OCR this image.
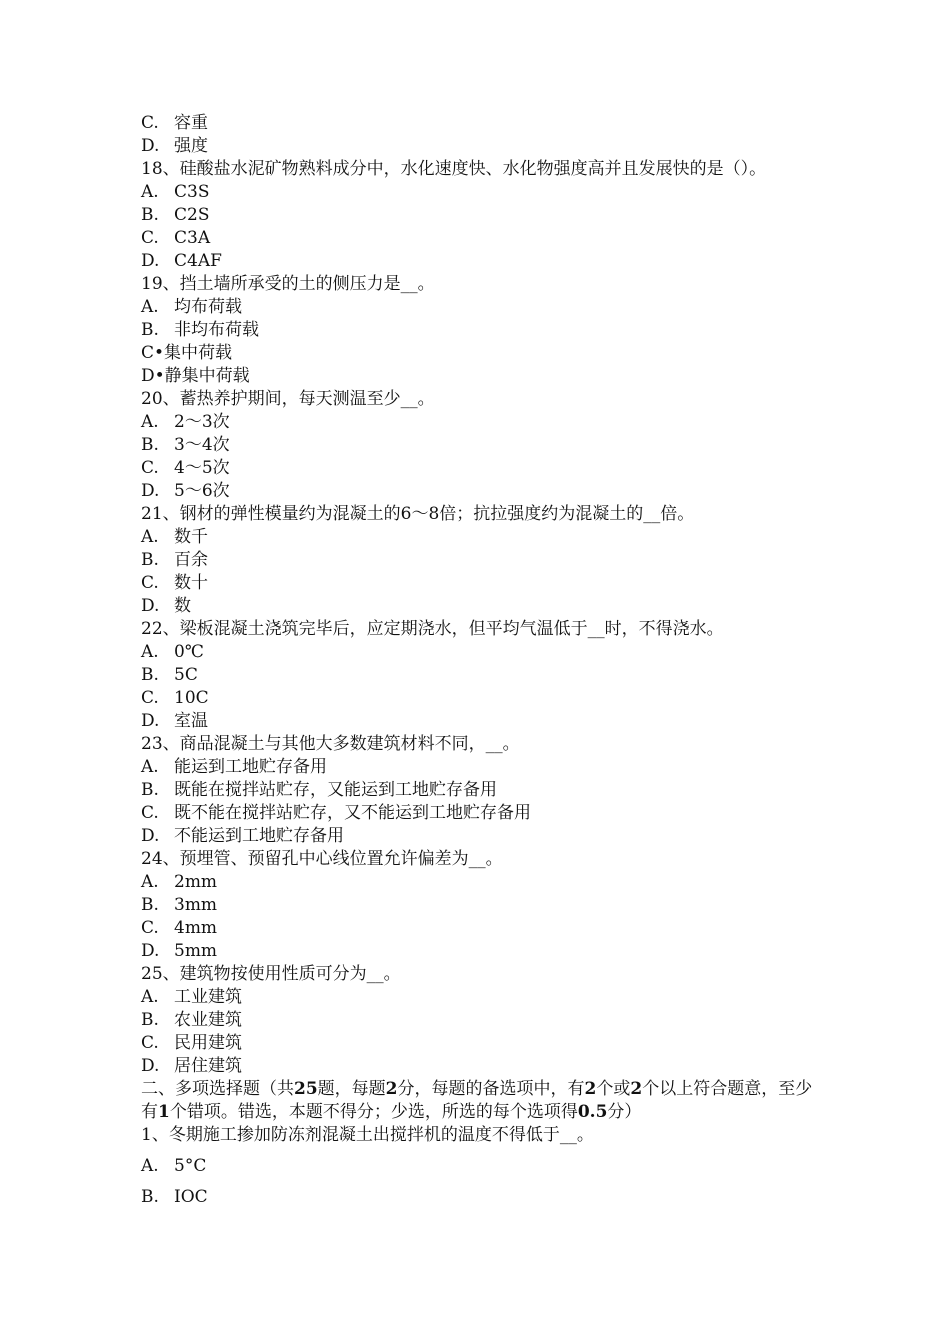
C. 容重
D. 强度
18、硅酸盐水泥矿物熟料成分中，水化速度快、水化物强度高并且发展快的是（）。
A. C3S
B. C2S
C. C3A
D. C4AF
19、挡土墙所承受的土的侧压力是__。
A. 均布荷载
B. 非均布荷载
C•集中荷载
D•静集中荷载
20、蓄热养护期间，每天测温至少__。
A. 2〜3次
B. 3〜4次
C. 4〜5次
D. 5〜6次
21、钢材的弹性模量约为混凝土的6〜8倍；抗拉强度约为混凝土的__倍。
A. 数千
B. 百余
C. 数十
D. 数
22、梁板混凝土浇筑完毕后，应定期浇水，但平均气温低于__时，不得浇水。
A. 0℃
B. 5C
C. 10C
D. 室温
23、商品混凝土与其他大多数建筑材料不同，__。
A. 能运到工地贮存备用
B. 既能在搅拌站贮存，又能运到工地贮存备用
C. 既不能在搅拌站贮存，又不能运到工地贮存备用
D. 不能运到工地贮存备用
24、预埋管、预留孔中心线位置允许偏差为__。
A. 2mm
B. 3mm
C. 4mm
D. 5mm
25、建筑物按使用性质可分为__。
A. 工业建筑
B. 农业建筑
C. 民用建筑
D. 居住建筑
二、多项选择题（共25题，每题2分，每题的备选项中，有2个或2个以上符合题意，至少有1个错项。错选，本题不得分；少选，所选的每个选项得0.5分）
1、冬期施工掺加防冻剂混凝土出搅拌机的温度不得低于__。
A. 5°C
B. IOC
